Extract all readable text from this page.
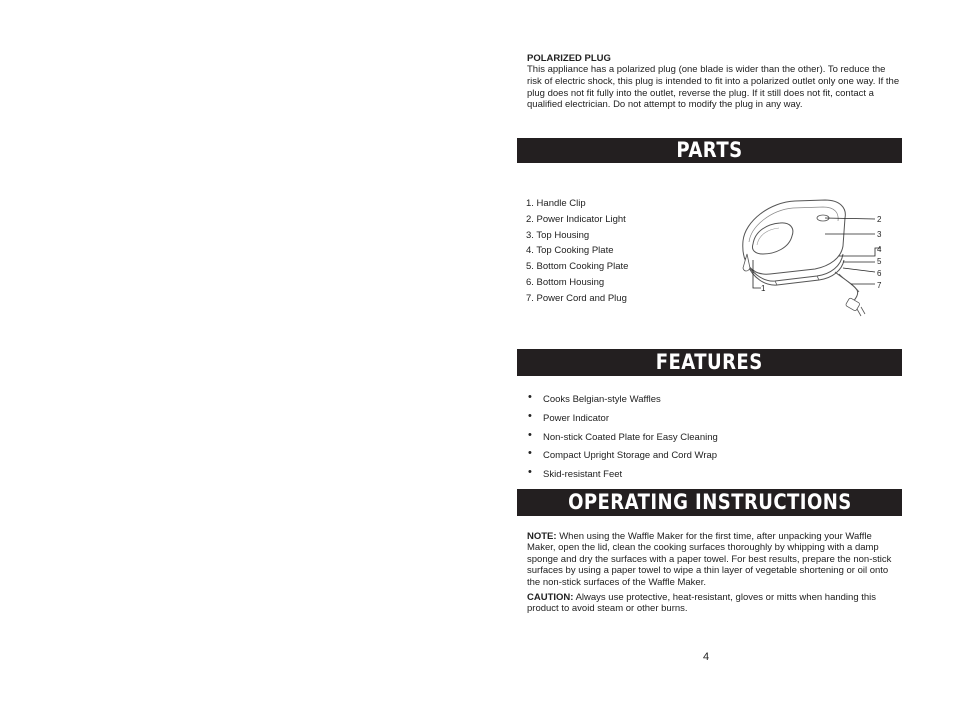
POLARIZED PLUG
This appliance has a polarized plug (one blade is wider than the other). To reduce the risk of electric shock, this plug is intended to fit into a polarized outlet only one way. If the plug does not fit fully into the outlet, reverse the plug. If it still does not fit, contact a qualified electrician. Do not attempt to modify the plug in any way.
PARTS
1. Handle Clip
2. Power Indicator Light
3. Top Housing
4. Top Cooking Plate
5. Bottom Cooking Plate
6. Bottom Housing
7. Power Cord and Plug
1
2
3
4
5
6
7
FEATURES
• Cooks Belgian-style Waffles
• Power Indicator
• Non-stick Coated Plate for Easy Cleaning
• Compact Upright Storage and Cord Wrap
• Skid-resistant Feet
OPERATING INSTRUCTIONS
NOTE: When using the Waffle Maker for the first time, after unpacking your Waffle Maker, open the lid, clean the cooking surfaces thoroughly by whipping with a damp sponge and dry the surfaces with a paper towel. For best results, prepare the non-stick surfaces by using a paper towel to wipe a thin layer of vegetable shortening or oil onto the non-stick surfaces of the Waffle Maker.
CAUTION: Always use protective, heat-resistant, gloves or mitts when handing this product to avoid steam or other burns.
4
